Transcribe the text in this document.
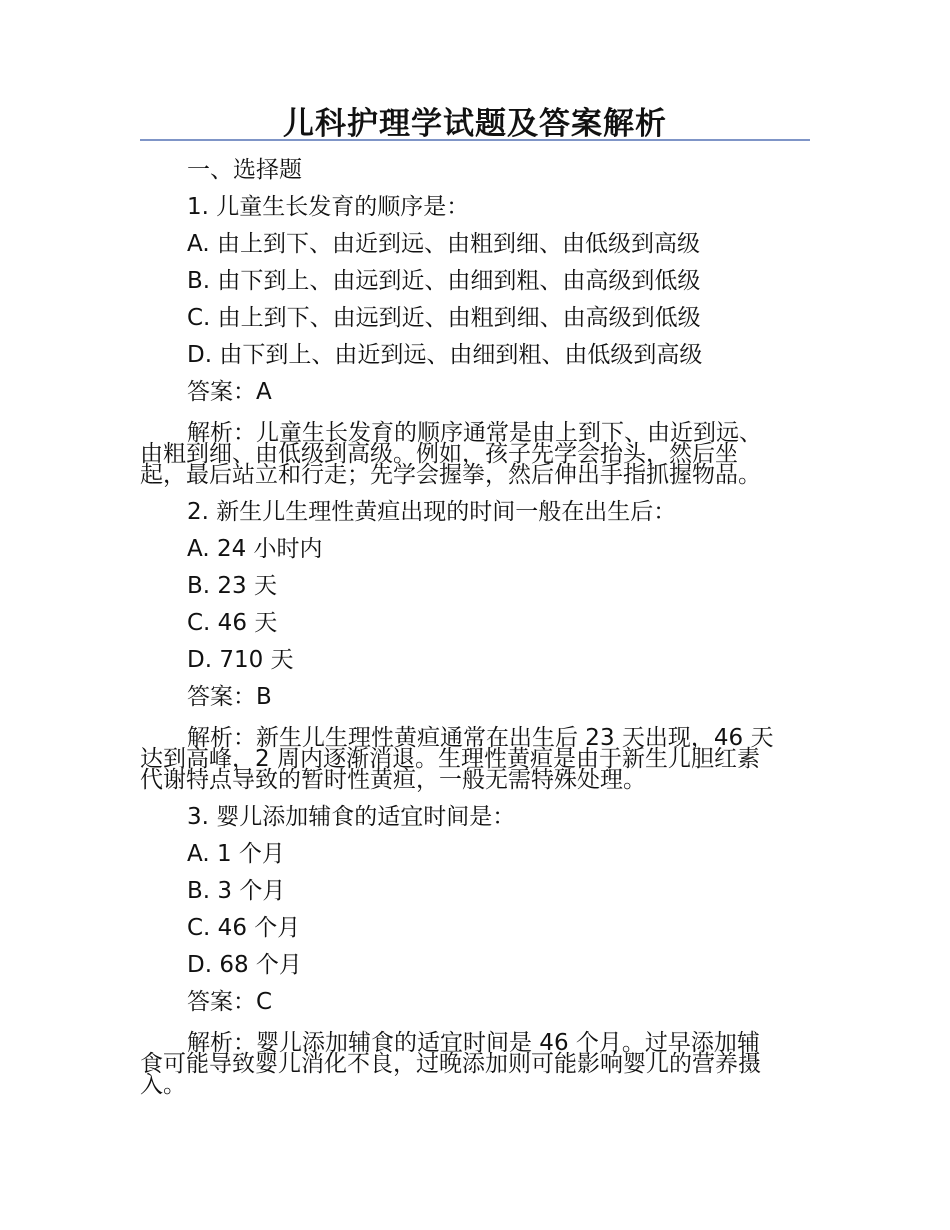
儿科护理学试题及答案解析

一、选择题

1. 儿童生长发育的顺序是：

A. 由上到下、由近到远、由粗到细、由低级到高级

B. 由下到上、由远到近、由细到粗、由高级到低级

C. 由上到下、由远到近、由粗到细、由高级到低级

D. 由下到上、由近到远、由细到粗、由低级到高级

答案：A

解析：儿童生长发育的顺序通常是由上到下、由近到远、
由粗到细、由低级到高级。例如，孩子先学会抬头，然后坐
起，最后站立和行走；先学会握拳，然后伸出手指抓握物品。

2. 新生儿生理性黄疸出现的时间一般在出生后：

A. 24 小时内

B. 23 天

C. 46 天

D. 710 天

答案：B

解析：新生儿生理性黄疸通常在出生后 23 天出现，46 天
达到高峰，2 周内逐渐消退。生理性黄疸是由于新生儿胆红素
代谢特点导致的暂时性黄疸，一般无需特殊处理。

3. 婴儿添加辅食的适宜时间是：

A. 1 个月

B. 3 个月

C. 46 个月

D. 68 个月

答案：C

解析：婴儿添加辅食的适宜时间是 46 个月。过早添加辅
食可能导致婴儿消化不良，过晚添加则可能影响婴儿的营养摄
入。
